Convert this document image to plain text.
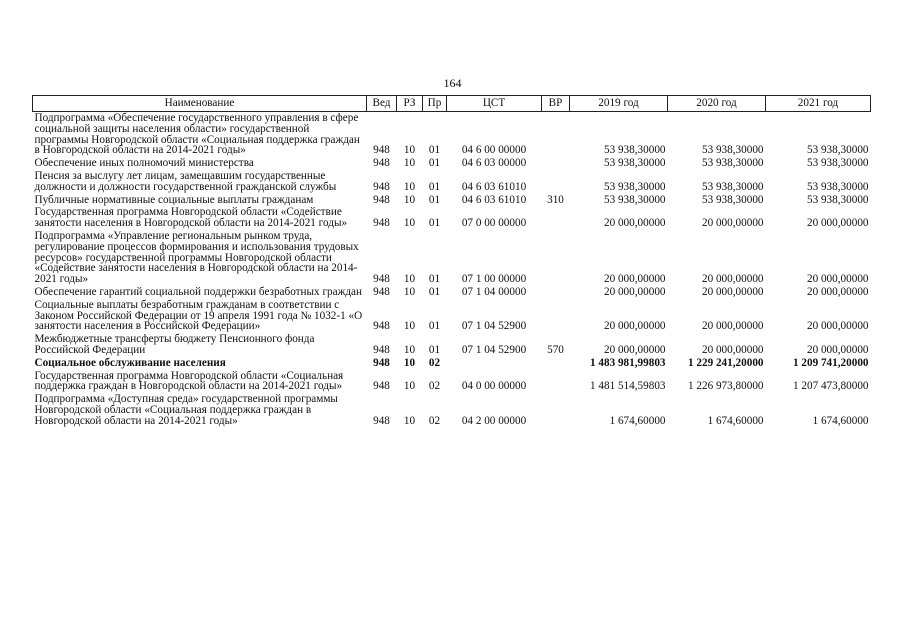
164
Наименование	Вед	РЗ	Пр	ЦСТ	ВР	2019 год	2020 год	2021 год
Подпрограмма «Обеспечение государственного управления в сфере социальной защиты населения области» государственной программы Новгородской области «Социальная поддержка граждан в Новгородской области на 2014-2021 годы»	948	10	01	04 6 00 00000		53 938,30000	53 938,30000	53 938,30000
Обеспечение иных полномочий министерства	948	10	01	04 6 03 00000		53 938,30000	53 938,30000	53 938,30000
Пенсия за выслугу лет лицам, замещавшим государственные должности и должности государственной гражданской службы	948	10	01	04 6 03 61010		53 938,30000	53 938,30000	53 938,30000
Публичные нормативные социальные выплаты гражданам	948	10	01	04 6 03 61010	310	53 938,30000	53 938,30000	53 938,30000
Государственная программа Новгородской области «Содействие занятости населения в Новгородской области на 2014-2021 годы»	948	10	01	07 0 00 00000		20 000,00000	20 000,00000	20 000,00000
Подпрограмма «Управление региональным рынком труда, регулирование процессов формирования и использования трудовых ресурсов» государственной программы Новгородской области «Содействие занятости населения в Новгородской области на 2014-2021 годы»	948	10	01	07 1 00 00000		20 000,00000	20 000,00000	20 000,00000
Обеспечение гарантий социальной поддержки безработных граждан	948	10	01	07 1 04 00000		20 000,00000	20 000,00000	20 000,00000
Социальные выплаты безработным гражданам в соответствии с Законом Российской Федерации от 19 апреля 1991 года № 1032-1 «О занятости населения в Российской Федерации»	948	10	01	07 1 04 52900		20 000,00000	20 000,00000	20 000,00000
Межбюджетные трансферты бюджету Пенсионного фонда Российской Федерации	948	10	01	07 1 04 52900	570	20 000,00000	20 000,00000	20 000,00000
Социальное обслуживание населения	948	10	02			1 483 981,99803	1 229 241,20000	1 209 741,20000
Государственная программа Новгородской области «Социальная поддержка граждан в Новгородской области на 2014-2021 годы»	948	10	02	04 0 00 00000		1 481 514,59803	1 226 973,80000	1 207 473,80000
Подпрограмма «Доступная среда» государственной программы Новгородской области «Социальная поддержка граждан в Новгородской области на 2014-2021 годы»	948	10	02	04 2 00 00000		1 674,60000	1 674,60000	1 674,60000
